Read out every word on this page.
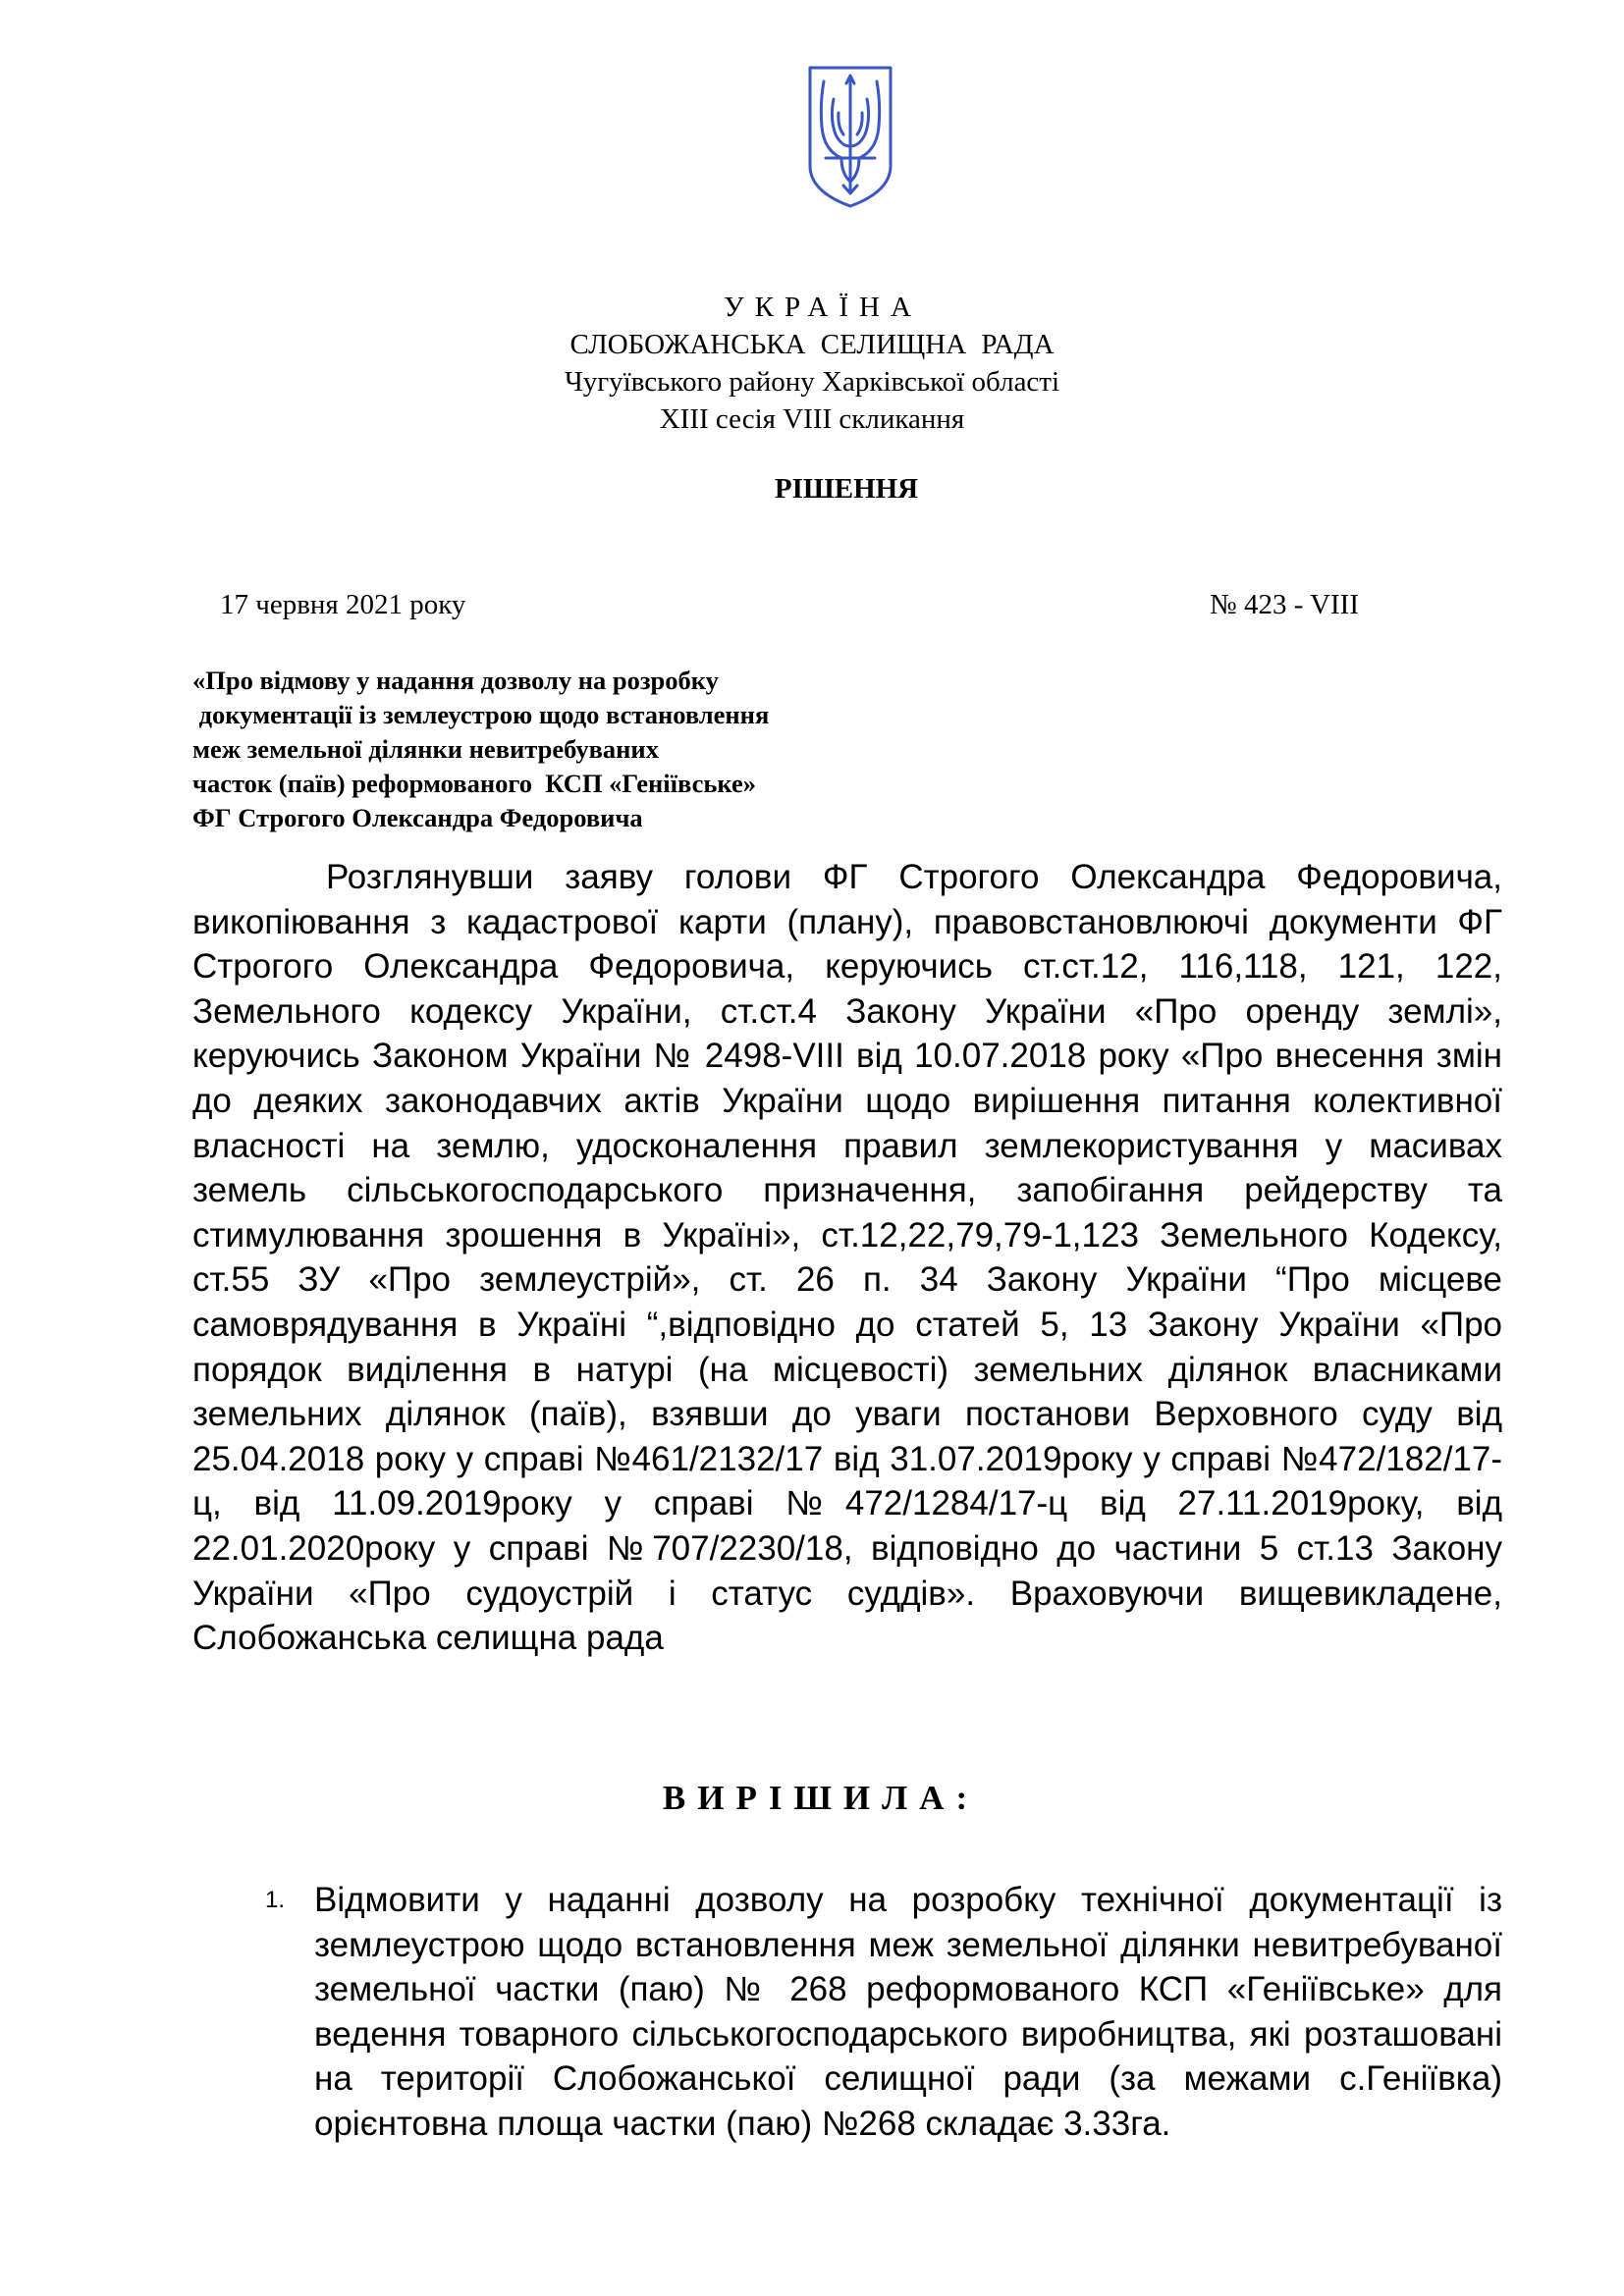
УКРАЇНА
СЛОБОЖАНСЬКА СЕЛИЩНА РАДА
Чугуївського району Харківської області
XIII сесія VIII скликання
РІШЕННЯ
17 червня 2021 року	№ 423 - VIII
«Про відмову у надання дозволу на розробку
документації із землеустрою щодо встановлення
меж земельної ділянки невитребуваних
часток (паїв) реформованого  КСП «Геніївське»
ФГ Строгого Олександра Федоровича

Розглянувши заяву голови ФГ Строгого Олександра Федоровича, викопіювання з кадастрової карти (плану), правовстановлюючі документи ФГ Строгого Олександра Федоровича, керуючись ст.ст.12, 116,118, 121, 122, Земельного кодексу України, ст.ст.4 Закону України «Про оренду землі», керуючись Законом України № 2498-VIII від 10.07.2018 року «Про внесення змін до деяких законодавчих актів України щодо вирішення питання колективної власності на землю, удосконалення правил землекористування у масивах земель сільськогосподарського призначення, запобігання рейдерству та стимулювання зрошення в Україні», ст.12,22,79,79-1,123 Земельного Кодексу, ст.55 ЗУ «Про землеустрій», ст. 26 п. 34 Закону України “Про місцеве самоврядування в Україні “,відповідно до статей 5, 13 Закону України «Про порядок виділення в натурі (на місцевості) земельних ділянок власниками земельних ділянок (паїв), взявши до уваги постанови Верховного суду від 25.04.2018 року у справі №461/2132/17 від 31.07.2019року у справі №472/182/17-ц, від 11.09.2019року у справі №472/1284/17-ц від 27.11.2019року, від 22.01.2020року у справі №707/2230/18, відповідно до частини 5 ст.13 Закону України «Про судоустрій і статус суддів». Враховуючи вищевикладене, Слобожанська селищна рада

ВИРІШИЛА:
1. Відмовити у наданні дозволу на розробку технічної документації із землеустрою щодо встановлення меж земельної ділянки невитребуваної земельної частки (паю) № 268 реформованого КСП «Геніївське» для ведення товарного сільськогосподарського виробництва, які розташовані на території Слобожанської селищної ради (за межами с.Геніївка) орієнтовна площа частки (паю) №268 складає 3.33га.
